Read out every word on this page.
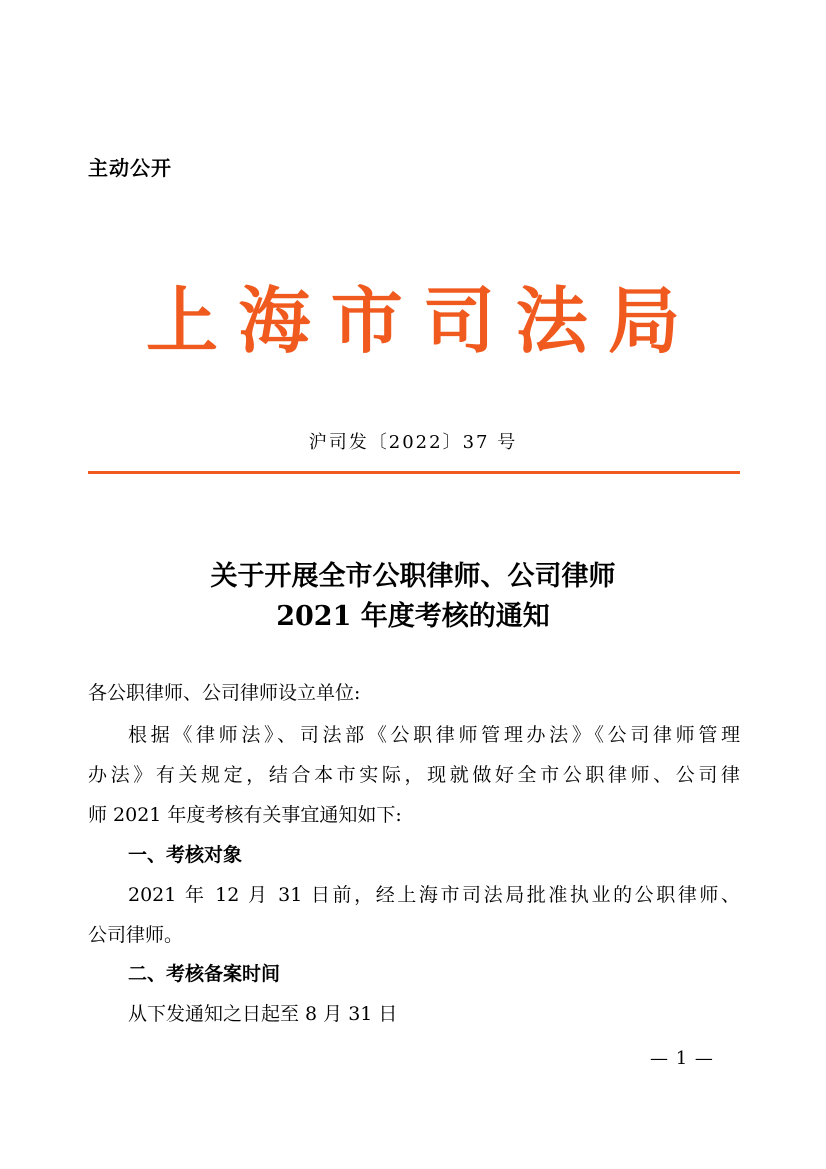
主动公开
上 海 市 司 法 局
沪司发〔2022〕37 号
关于开展全市公职律师、公司律师
2021 年度考核的通知
各公职律师、公司律师设立单位:
根据《律师法》、司法部《公职律师管理办法》《公司律师管理
办法》有关规定，结合本市实际，现就做好全市公职律师、公司律
师 2021 年度考核有关事宜通知如下:
一、考核对象
2021 年 12 月 31 日前，经上海市司法局批准执业的公职律师、
公司律师。
二、考核备案时间
从下发通知之日起至 8 月 31 日
— 1 —
